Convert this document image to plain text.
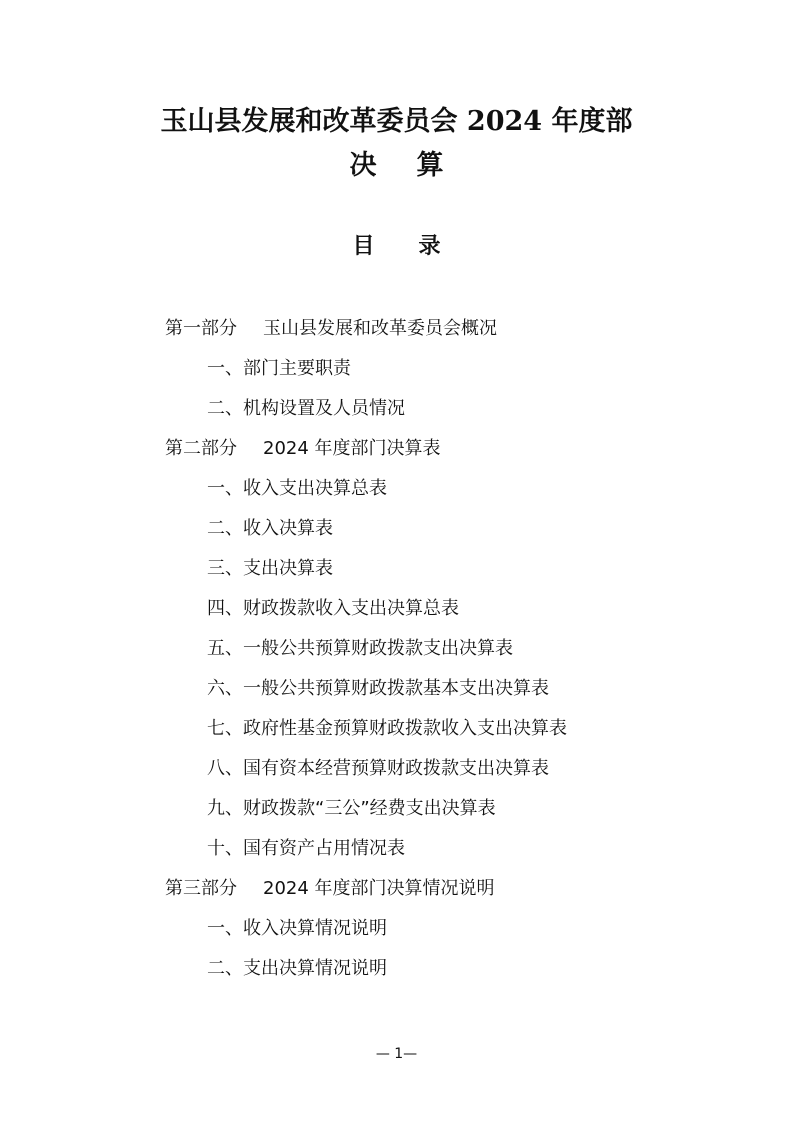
玉山县发展和改革委员会 2024 年度部
决算
目录
第一部分 玉山县发展和改革委员会概况
一、部门主要职责
二、机构设置及人员情况
第二部分 2024 年度部门决算表
一、收入支出决算总表
二、收入决算表
三、支出决算表
四、财政拨款收入支出决算总表
五、一般公共预算财政拨款支出决算表
六、一般公共预算财政拨款基本支出决算表
七、政府性基金预算财政拨款收入支出决算表
八、国有资本经营预算财政拨款支出决算表
九、财政拨款“三公”经费支出决算表
十、国有资产占用情况表
第三部分 2024 年度部门决算情况说明
一、收入决算情况说明
二、支出决算情况说明
— 1—
